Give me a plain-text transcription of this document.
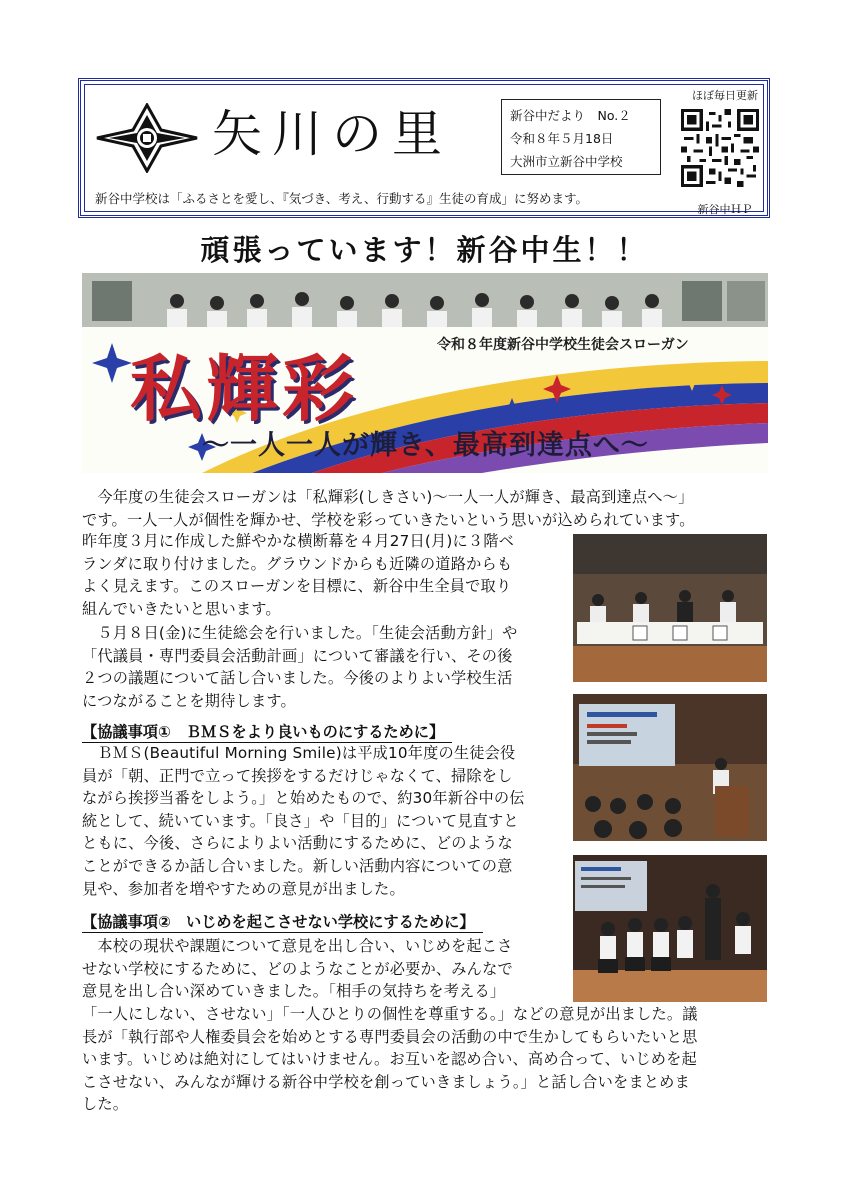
矢川の里	新谷中だより　No.２
令和８年５月18日
大洲市立新谷中学校
新谷中学校は「ふるさとを愛し、『気づき、考え、行動する』生徒の育成」に努めます。
ほぼ毎日更新
新谷中ＨＰ
頑張っています！新谷中生！！
令和８年度新谷中学校生徒会スローガン
私輝彩
〜一人一人が輝き、最高到達点へ〜

　今年度の生徒会スローガンは「私輝彩(しきさい)〜一人一人が輝き、最高到達点へ〜」

です。一人一人が個性を輝かせ、学校を彩っていきたいという思いが込められています。

昨年度３月に作成した鮮やかな横断幕を４月27日(月)に３階ベ

ランダに取り付けました。グラウンドからも近隣の道路からも

よく見えます。このスローガンを目標に、新谷中生全員で取り

組んでいきたいと思います。

　５月８日(金)に生徒総会を行いました。「生徒会活動方針」や

「代議員・専門委員会活動計画」について審議を行い、その後

２つの議題について話し合いました。今後のよりよい学校生活

につながることを期待します。

【協議事項①　ＢＭＳをより良いものにするために】

　ＢＭＳ(Beautiful Morning Smile)は平成10年度の生徒会役

員が「朝、正門で立って挨拶をするだけじゃなくて、掃除をし

ながら挨拶当番をしよう。」と始めたもので、約30年新谷中の伝

統として、続いています。「良さ」や「目的」について見直すと

ともに、今後、さらによりよい活動にするために、どのような

ことができるか話し合いました。新しい活動内容についての意

見や、参加者を増やすための意見が出ました。

【協議事項②　いじめを起こさせない学校にするために】

　本校の現状や課題について意見を出し合い、いじめを起こさ

せない学校にするために、どのようなことが必要か、みんなで

意見を出し合い深めていきました。「相手の気持ちを考える」

「一人にしない、させない」「一人ひとりの個性を尊重する。」などの意見が出ました。議

長が「執行部や人権委員会を始めとする専門委員会の活動の中で生かしてもらいたいと思

います。いじめは絶対にしてはいけません。お互いを認め合い、高め合って、いじめを起

こさせない、みんなが輝ける新谷中学校を創っていきましょう。」と話し合いをまとめま

した。
